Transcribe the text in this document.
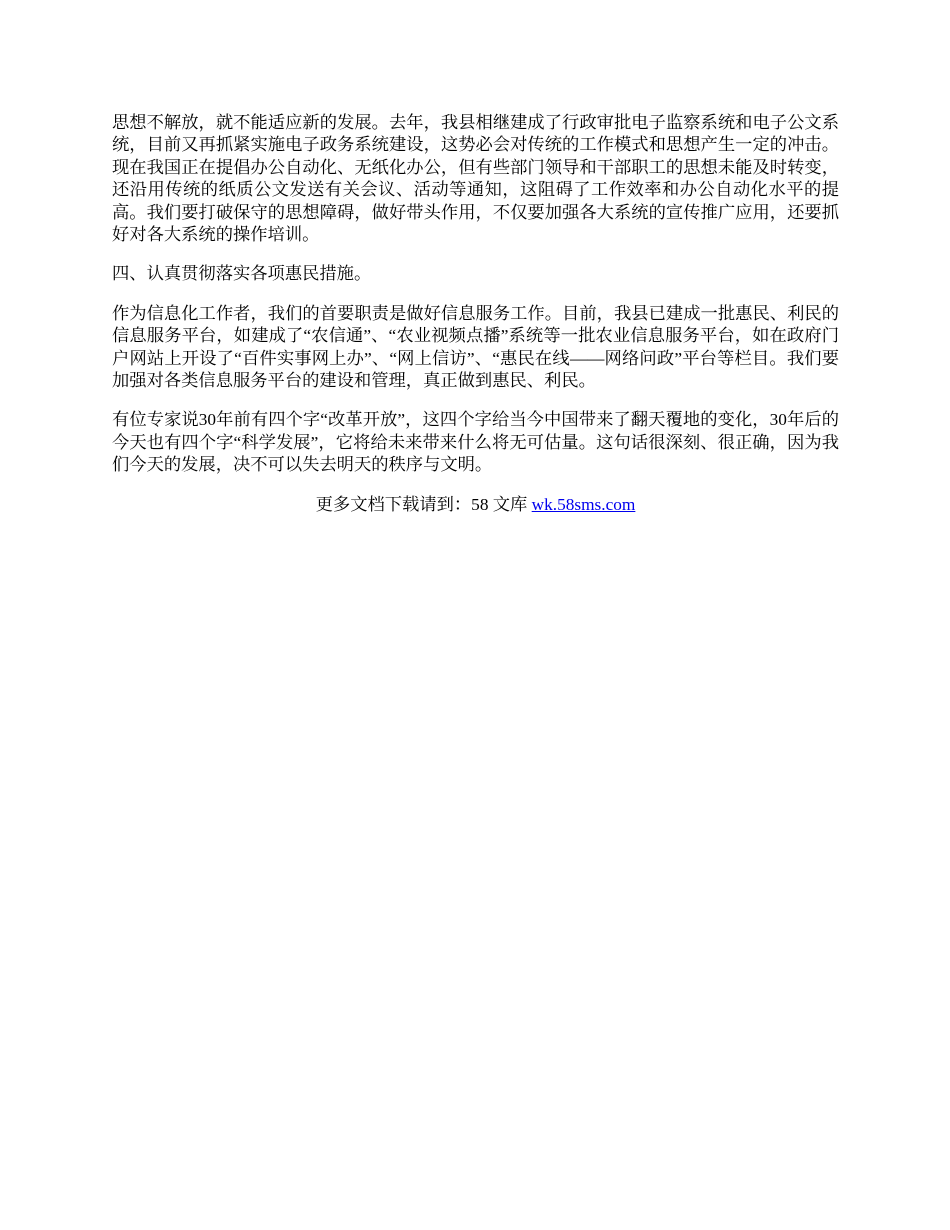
思想不解放，就不能适应新的发展。去年，我县相继建成了行政审批电子监察系统和电子公文系统，目前又再抓紧实施电子政务系统建设，这势必会对传统的工作模式和思想产生一定的冲击。现在我国正在提倡办公自动化、无纸化办公，但有些部门领导和干部职工的思想未能及时转变，还沿用传统的纸质公文发送有关会议、活动等通知，这阻碍了工作效率和办公自动化水平的提高。我们要打破保守的思想障碍，做好带头作用，不仅要加强各大系统的宣传推广应用，还要抓好对各大系统的操作培训。

四、认真贯彻落实各项惠民措施。

作为信息化工作者，我们的首要职责是做好信息服务工作。目前，我县已建成一批惠民、利民的信息服务平台，如建成了“农信通”、“农业视频点播”系统等一批农业信息服务平台，如在政府门户网站上开设了“百件实事网上办”、“网上信访”、“惠民在线——网络问政”平台等栏目。我们要加强对各类信息服务平台的建设和管理，真正做到惠民、利民。

有位专家说30年前有四个字“改革开放”，这四个字给当今中国带来了翻天覆地的变化，30年后的今天也有四个字“科学发展”，它将给未来带来什么将无可估量。这句话很深刻、很正确，因为我们今天的发展，决不可以失去明天的秩序与文明。

更多文档下载请到：58 文库 wk.58sms.com
